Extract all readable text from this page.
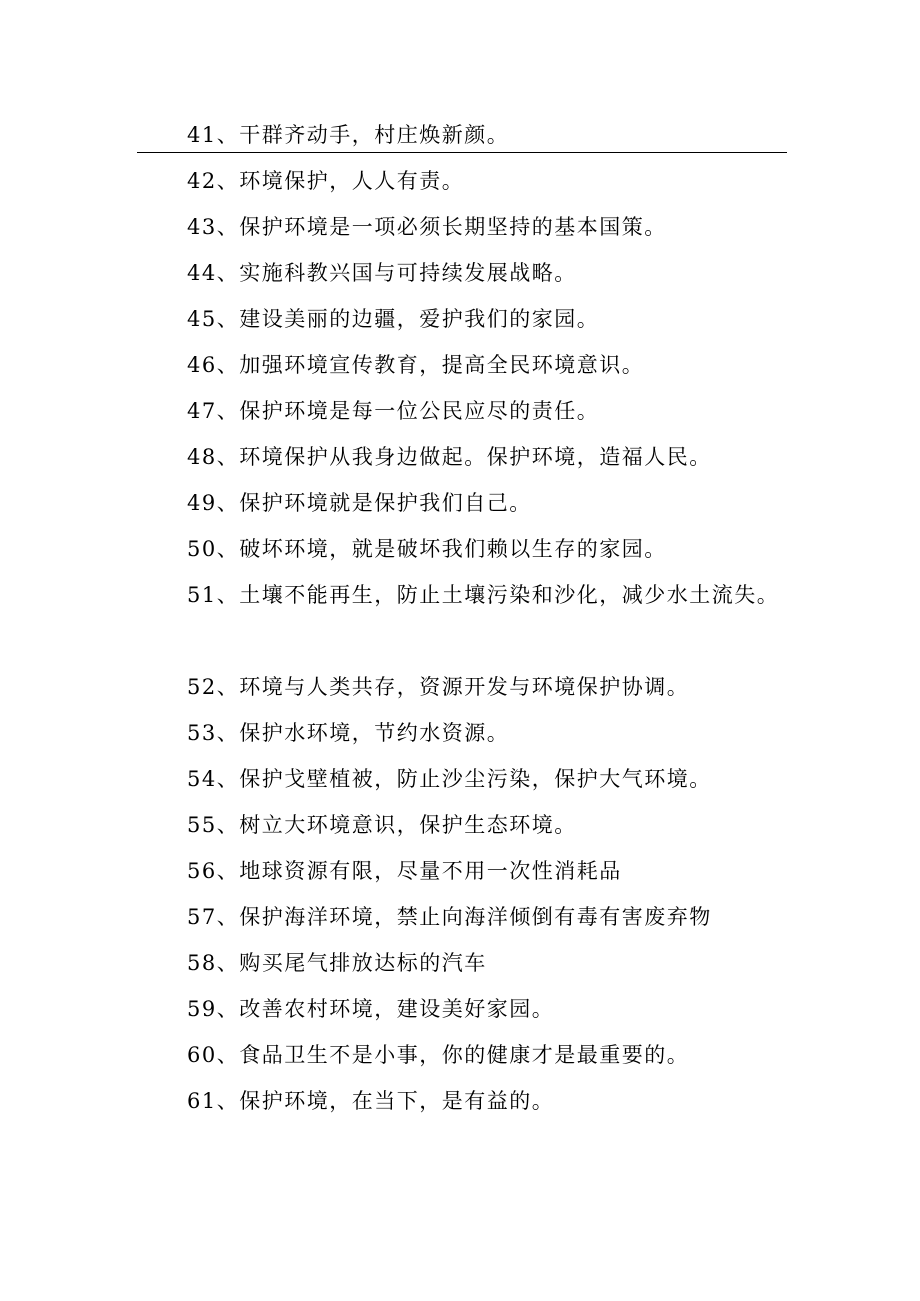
41、干群齐动手，村庄焕新颜。
42、环境保护，人人有责。
43、保护环境是一项必须长期坚持的基本国策。
44、实施科教兴国与可持续发展战略。
45、建设美丽的边疆，爱护我们的家园。
46、加强环境宣传教育，提高全民环境意识。
47、保护环境是每一位公民应尽的责任。
48、环境保护从我身边做起。保护环境，造福人民。
49、保护环境就是保护我们自己。
50、破坏环境，就是破坏我们赖以生存的家园。
51、土壤不能再生，防止土壤污染和沙化，减少水土流失。
52、环境与人类共存，资源开发与环境保护协调。
53、保护水环境，节约水资源。
54、保护戈壁植被，防止沙尘污染，保护大气环境。
55、树立大环境意识，保护生态环境。
56、地球资源有限，尽量不用一次性消耗品
57、保护海洋环境，禁止向海洋倾倒有毒有害废弃物
58、购买尾气排放达标的汽车
59、改善农村环境，建设美好家园。
60、食品卫生不是小事，你的健康才是最重要的。
61、保护环境，在当下，是有益的。
